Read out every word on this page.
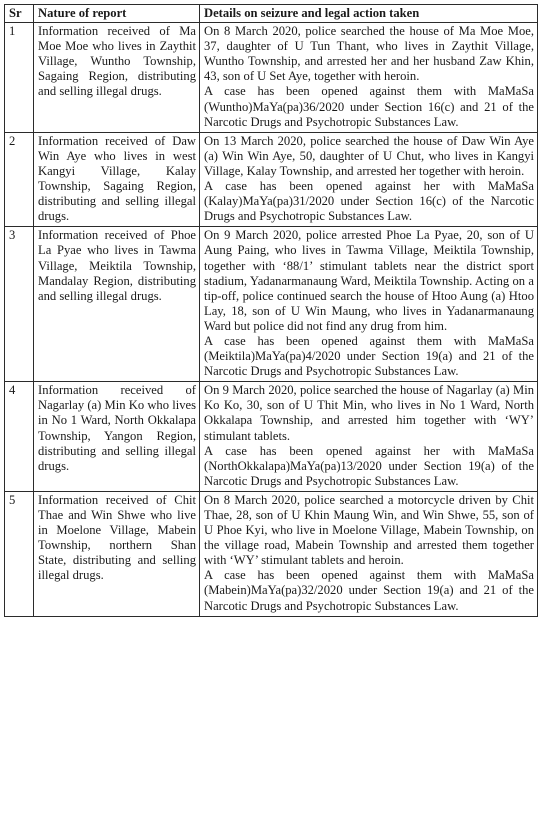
Sr	Nature of report	Details on seizure and legal action taken
1	Information received of Ma Moe Moe who lives in Zaythit Village, Wuntho Township, Sagaing Region, distributing and selling illegal drugs.	On 8 March 2020, police searched the house of Ma Moe Moe, 37, daughter of U Tun Thant, who lives in Zaythit Village, Wuntho Township, and arrested her and her husband Zaw Khin, 43, son of U Set Aye, together with heroin.
A case has been opened against them with MaMaSa (Wuntho)MaYa(pa)36/2020 under Section 16(c) and 21 of the Narcotic Drugs and Psychotropic Substances Law.

2	Information received of Daw Win Aye who lives in west Kangyi Village, Kalay Township, Sagaing Region, distributing and selling illegal drugs.	On 13 March 2020, police searched the house of Daw Win Aye (a) Win Win Aye, 50, daughter of U Chut, who lives in Kangyi Village, Kalay Township, and arrested her together with heroin.
A case has been opened against her with MaMaSa (Kalay)MaYa(pa)31/2020 under Section 16(c) of the Narcotic Drugs and Psychotropic Substances Law.

3	Information received of Phoe La Pyae who lives in Tawma Village, Meiktila Township, Mandalay Region, distributing and selling illegal drugs.	On 9 March 2020, police arrested Phoe La Pyae, 20, son of U Aung Paing, who lives in Tawma Village, Meiktila Township, together with ‘88/1’ stimulant tablets near the district sport stadium, Yadanarmanaung Ward, Meiktila Township. Acting on a tip-off, police continued search the house of Htoo Aung (a) Htoo Lay, 18, son of U Win Maung, who lives in Yadanarmanaung Ward but police did not find any drug from him.
A case has been opened against them with MaMaSa (Meiktila)MaYa(pa)4/2020 under Section 19(a) and 21 of the Narcotic Drugs and Psychotropic Substances Law.

4	Information received of Nagarlay (a) Min Ko who lives in No 1 Ward, North Okkalapa Township, Yangon Region, distributing and selling illegal drugs.	On 9 March 2020, police searched the house of Nagarlay (a) Min Ko Ko, 30, son of U Thit Min, who lives in No 1 Ward, North Okkalapa Township, and arrested him together with ‘WY’ stimulant tablets.
A case has been opened against her with MaMaSa (NorthOkkalapa)MaYa(pa)13/2020 under Section 19(a) of the Narcotic Drugs and Psychotropic Substances Law.

5	Information received of Chit Thae and Win Shwe who live in Moelone Village, Mabein Township, northern Shan State, distributing and selling illegal drugs.	On 8 March 2020, police searched a motorcycle driven by Chit Thae, 28, son of U Khin Maung Win, and Win Shwe, 55, son of U Phoe Kyi, who live in Moelone Village, Mabein Township, on the village road, Mabein Township and arrested them together with ‘WY’ stimulant tablets and heroin.
A case has been opened against them with MaMaSa (Mabein)MaYa(pa)32/2020 under Section 19(a) and 21 of the Narcotic Drugs and Psychotropic Substances Law.
